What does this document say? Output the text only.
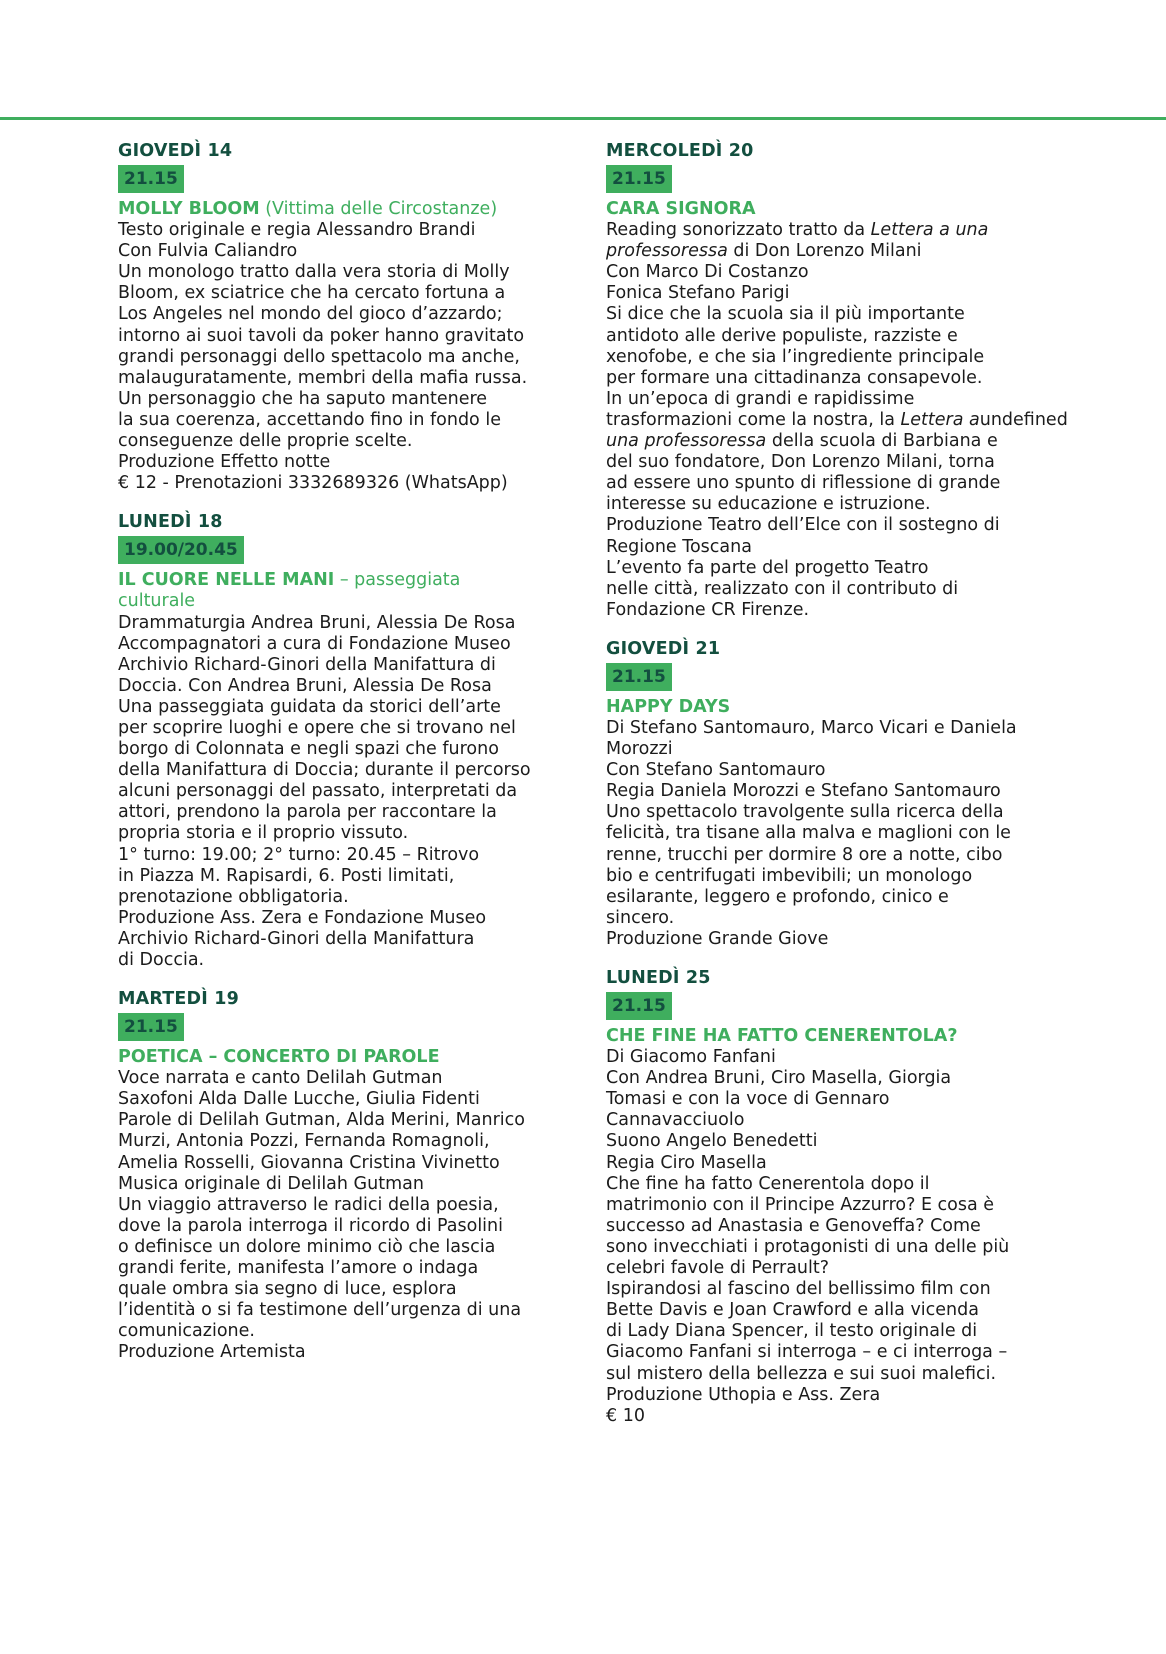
GIOVEDÌ 14
21.15
MOLLY BLOOM (Vittima delle Circostanze)
Testo originale e regia Alessandro Brandi
Con Fulvia Caliandro
Un monologo tratto dalla vera storia di Molly
Bloom, ex sciatrice che ha cercato fortuna a
Los Angeles nel mondo del gioco d’azzardo;
intorno ai suoi tavoli da poker hanno gravitato
grandi personaggi dello spettacolo ma anche,
malauguratamente, membri della mafia russa.
Un personaggio che ha saputo mantenere
la sua coerenza, accettando fino in fondo le
conseguenze delle proprie scelte.
Produzione Effetto notte
€ 12 - Prenotazioni 3332689326 (WhatsApp)
LUNEDÌ 18
19.00/20.45
IL CUORE NELLE MANI – passeggiata culturale
Drammaturgia Andrea Bruni, Alessia De Rosa
Accompagnatori a cura di Fondazione Museo
Archivio Richard-Ginori della Manifattura di
Doccia. Con Andrea Bruni, Alessia De Rosa
Una passeggiata guidata da storici dell’arte
per scoprire luoghi e opere che si trovano nel
borgo di Colonnata e negli spazi che furono
della Manifattura di Doccia; durante il percorso
alcuni personaggi del passato, interpretati da
attori, prendono la parola per raccontare la
propria storia e il proprio vissuto.
1° turno: 19.00; 2° turno: 20.45 – Ritrovo
in Piazza M. Rapisardi, 6. Posti limitati,
prenotazione obbligatoria.
Produzione Ass. Zera e Fondazione Museo
Archivio Richard-Ginori della Manifattura
di Doccia.
MARTEDÌ 19
21.15
POETICA – CONCERTO DI PAROLE
Voce narrata e canto Delilah Gutman
Saxofoni Alda Dalle Lucche, Giulia Fidenti
Parole di Delilah Gutman, Alda Merini, Manrico
Murzi, Antonia Pozzi, Fernanda Romagnoli,
Amelia Rosselli, Giovanna Cristina Vivinetto
Musica originale di Delilah Gutman
Un viaggio attraverso le radici della poesia,
dove la parola interroga il ricordo di Pasolini
o definisce un dolore minimo ciò che lascia
grandi ferite, manifesta l’amore o indaga
quale ombra sia segno di luce, esplora
l’identità o si fa testimone dell’urgenza di una
comunicazione.
Produzione Artemista
MERCOLEDÌ 20
21.15
CARA SIGNORA
Reading sonorizzato tratto da Lettera a una
professoressa di Don Lorenzo Milani
Con Marco Di Costanzo
Fonica Stefano Parigi
Si dice che la scuola sia il più importante
antidoto alle derive populiste, razziste e
xenofobe, e che sia l’ingrediente principale
per formare una cittadinanza consapevole.
In un’epoca di grandi e rapidissime
trasformazioni come la nostra, la Lettera aundefined
una professoressa della scuola di Barbiana e
del suo fondatore, Don Lorenzo Milani, torna
ad essere uno spunto di riflessione di grande
interesse su educazione e istruzione.
Produzione Teatro dell’Elce con il sostegno di
Regione Toscana
L’evento fa parte del progetto Teatro
nelle città, realizzato con il contributo di
Fondazione CR Firenze.
GIOVEDÌ 21
21.15
HAPPY DAYS
Di Stefano Santomauro, Marco Vicari e Daniela
Morozzi
Con Stefano Santomauro
Regia Daniela Morozzi e Stefano Santomauro
Uno spettacolo travolgente sulla ricerca della
felicità, tra tisane alla malva e maglioni con le
renne, trucchi per dormire 8 ore a notte, cibo
bio e centrifugati imbevibili; un monologo
esilarante, leggero e profondo, cinico e
sincero.
Produzione Grande Giove
LUNEDÌ 25
21.15
CHE FINE HA FATTO CENERENTOLA?
Di Giacomo Fanfani
Con Andrea Bruni, Ciro Masella, Giorgia
Tomasi e con la voce di Gennaro
Cannavacciuolo
Suono Angelo Benedetti
Regia Ciro Masella
Che fine ha fatto Cenerentola dopo il
matrimonio con il Principe Azzurro? E cosa è
successo ad Anastasia e Genoveffa? Come
sono invecchiati i protagonisti di una delle più
celebri favole di Perrault?
Ispirandosi al fascino del bellissimo film con
Bette Davis e Joan Crawford e alla vicenda
di Lady Diana Spencer, il testo originale di
Giacomo Fanfani si interroga – e ci interroga –
sul mistero della bellezza e sui suoi malefici.
Produzione Uthopia e Ass. Zera
€ 10
